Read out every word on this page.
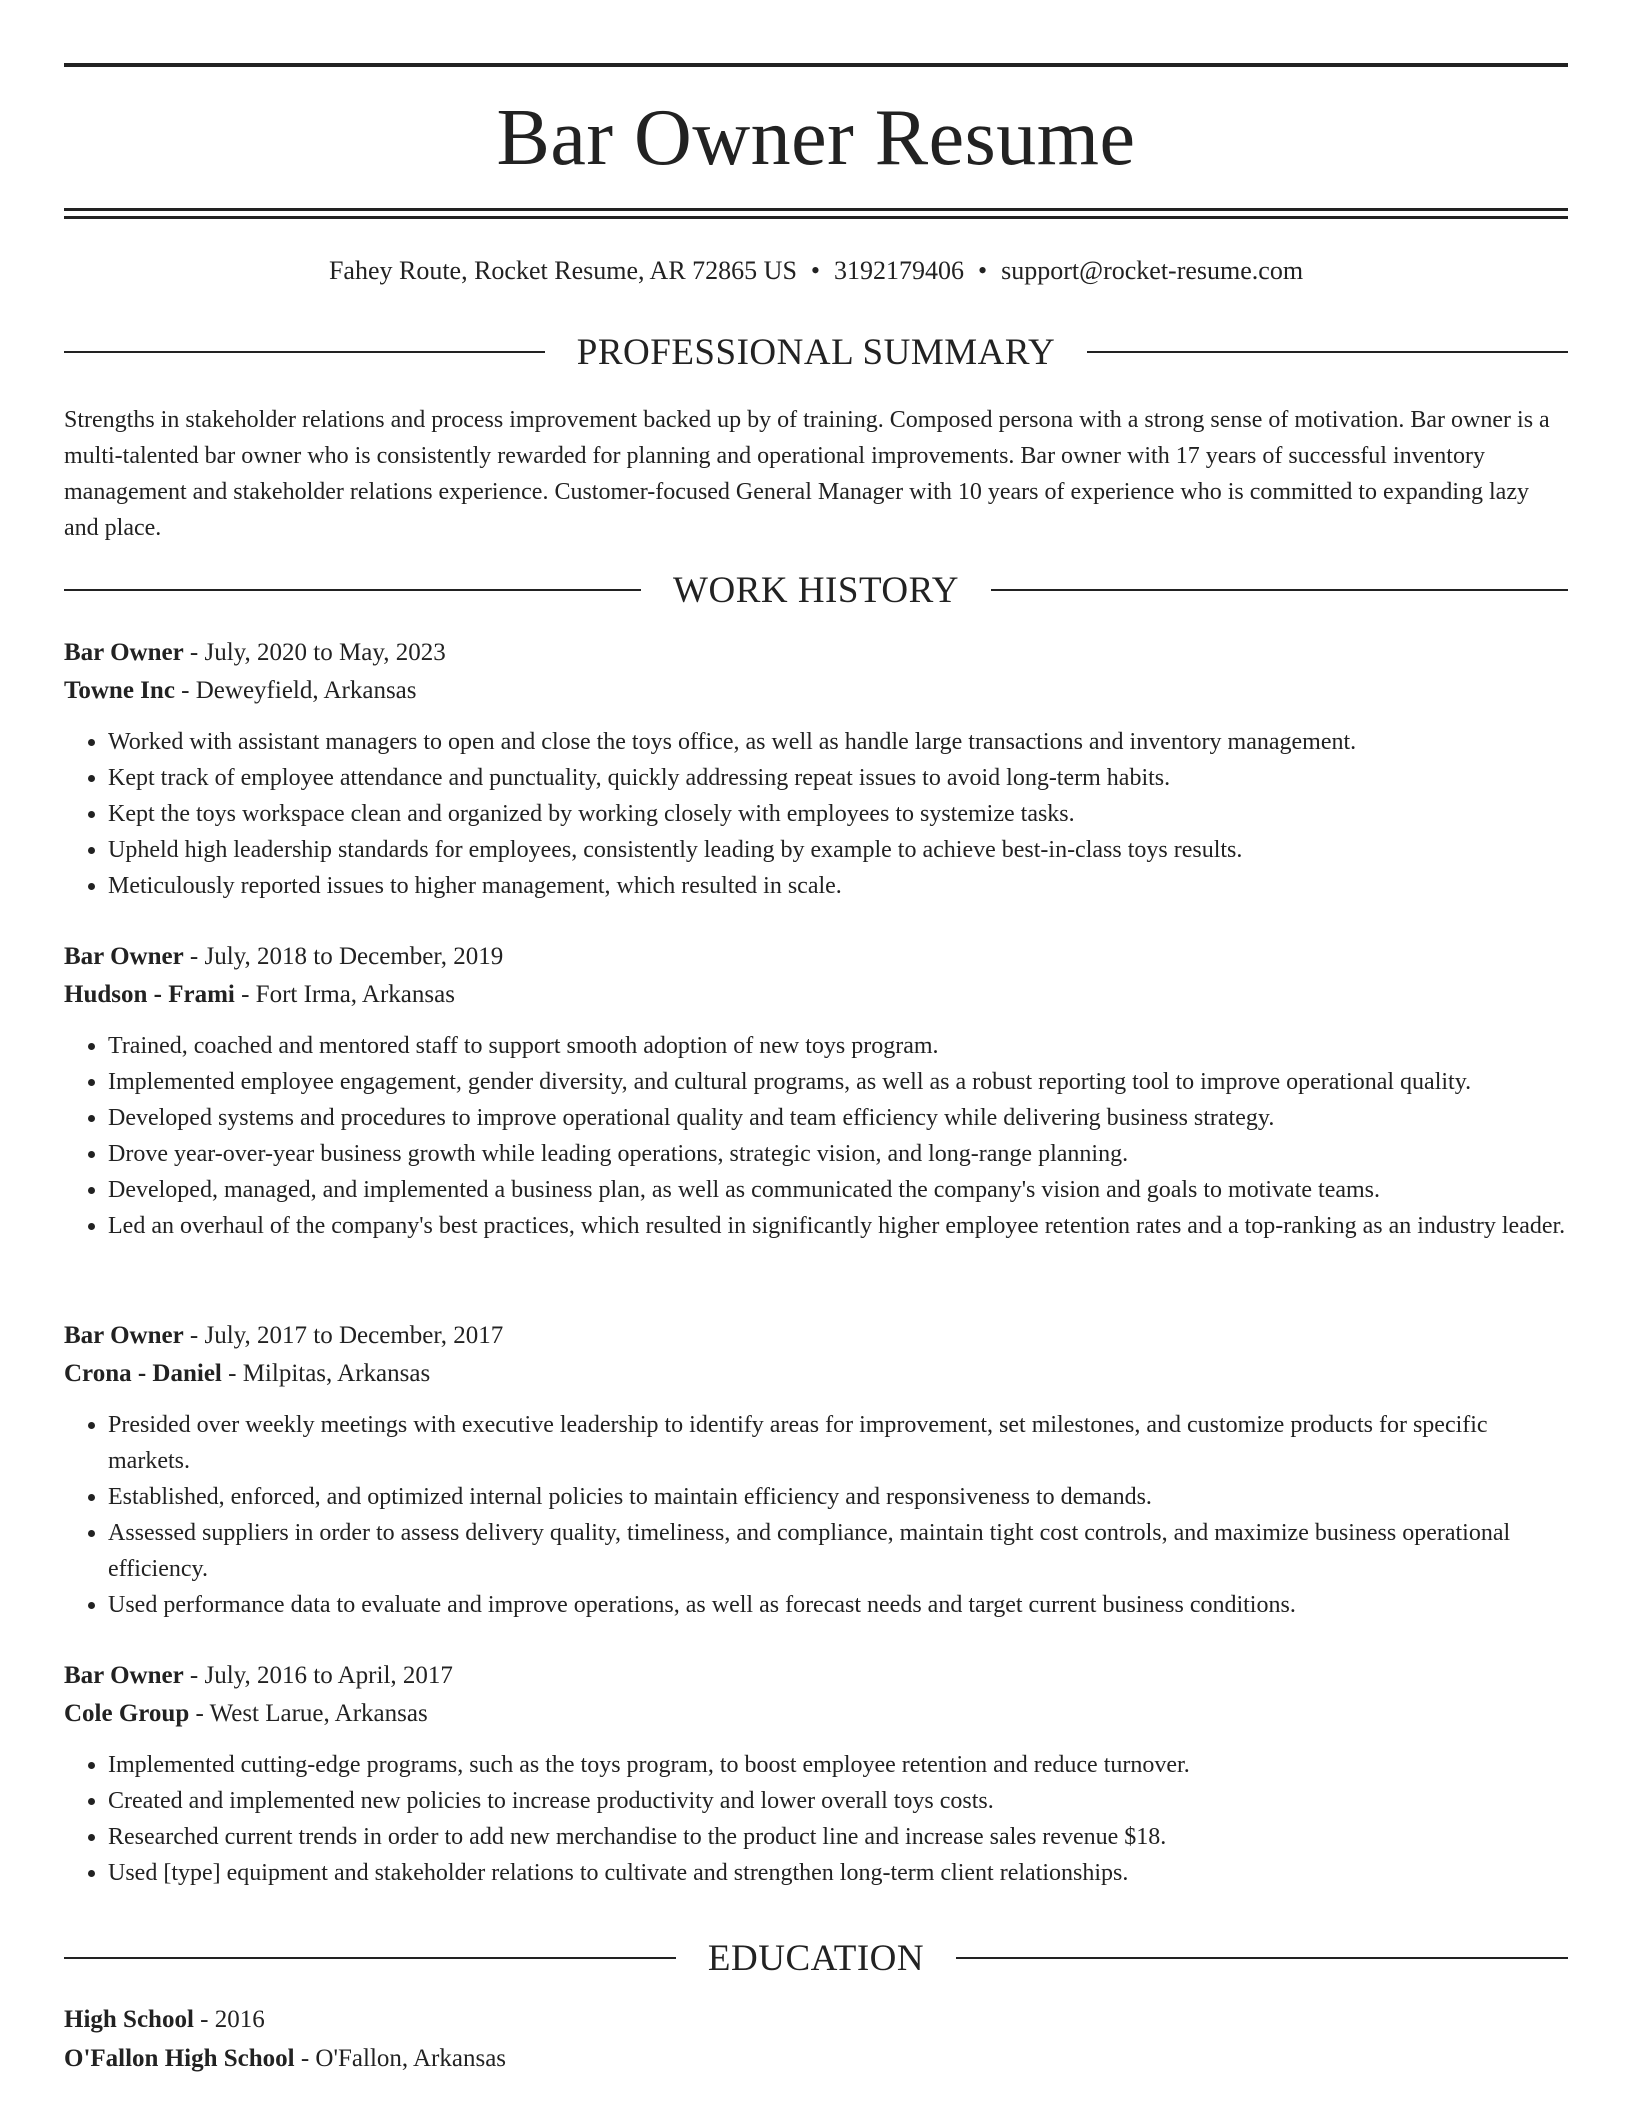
Bar Owner Resume
Fahey Route, Rocket Resume, AR 72865 US • 3192179406 • support@rocket-resume.com
PROFESSIONAL SUMMARY

Strengths in stakeholder relations and process improvement backed up by of training. Composed persona with a strong sense of motivation. Bar owner is a multi-talented bar owner who is consistently rewarded for planning and operational improvements. Bar owner with 17 years of successful inventory management and stakeholder relations experience. Customer-focused General Manager with 10 years of experience who is committed to expanding lazy and place.

WORK HISTORY

Bar Owner - July, 2020 to May, 2023

Towne Inc - Deweyfield, Arkansas

• Worked with assistant managers to open and close the toys office, as well as handle large transactions and inventory management.
• Kept track of employee attendance and punctuality, quickly addressing repeat issues to avoid long-term habits.
• Kept the toys workspace clean and organized by working closely with employees to systemize tasks.
• Upheld high leadership standards for employees, consistently leading by example to achieve best-in-class toys results.
• Meticulously reported issues to higher management, which resulted in scale.

Bar Owner - July, 2018 to December, 2019

Hudson - Frami - Fort Irma, Arkansas

• Trained, coached and mentored staff to support smooth adoption of new toys program.
• Implemented employee engagement, gender diversity, and cultural programs, as well as a robust reporting tool to improve operational quality.
• Developed systems and procedures to improve operational quality and team efficiency while delivering business strategy.
• Drove year-over-year business growth while leading operations, strategic vision, and long-range planning.
• Developed, managed, and implemented a business plan, as well as communicated the company's vision and goals to motivate teams.
• Led an overhaul of the company's best practices, which resulted in significantly higher employee retention rates and a top-ranking as an industry leader.

Bar Owner - July, 2017 to December, 2017

Crona - Daniel - Milpitas, Arkansas

• Presided over weekly meetings with executive leadership to identify areas for improvement, set milestones, and customize products for specific markets.
• Established, enforced, and optimized internal policies to maintain efficiency and responsiveness to demands.
• Assessed suppliers in order to assess delivery quality, timeliness, and compliance, maintain tight cost controls, and maximize business operational efficiency.
• Used performance data to evaluate and improve operations, as well as forecast needs and target current business conditions.

Bar Owner - July, 2016 to April, 2017

Cole Group - West Larue, Arkansas

• Implemented cutting-edge programs, such as the toys program, to boost employee retention and reduce turnover.
• Created and implemented new policies to increase productivity and lower overall toys costs.
• Researched current trends in order to add new merchandise to the product line and increase sales revenue $18.
• Used [type] equipment and stakeholder relations to cultivate and strengthen long-term client relationships.
EDUCATION

High School - 2016

O'Fallon High School - O'Fallon, Arkansas
